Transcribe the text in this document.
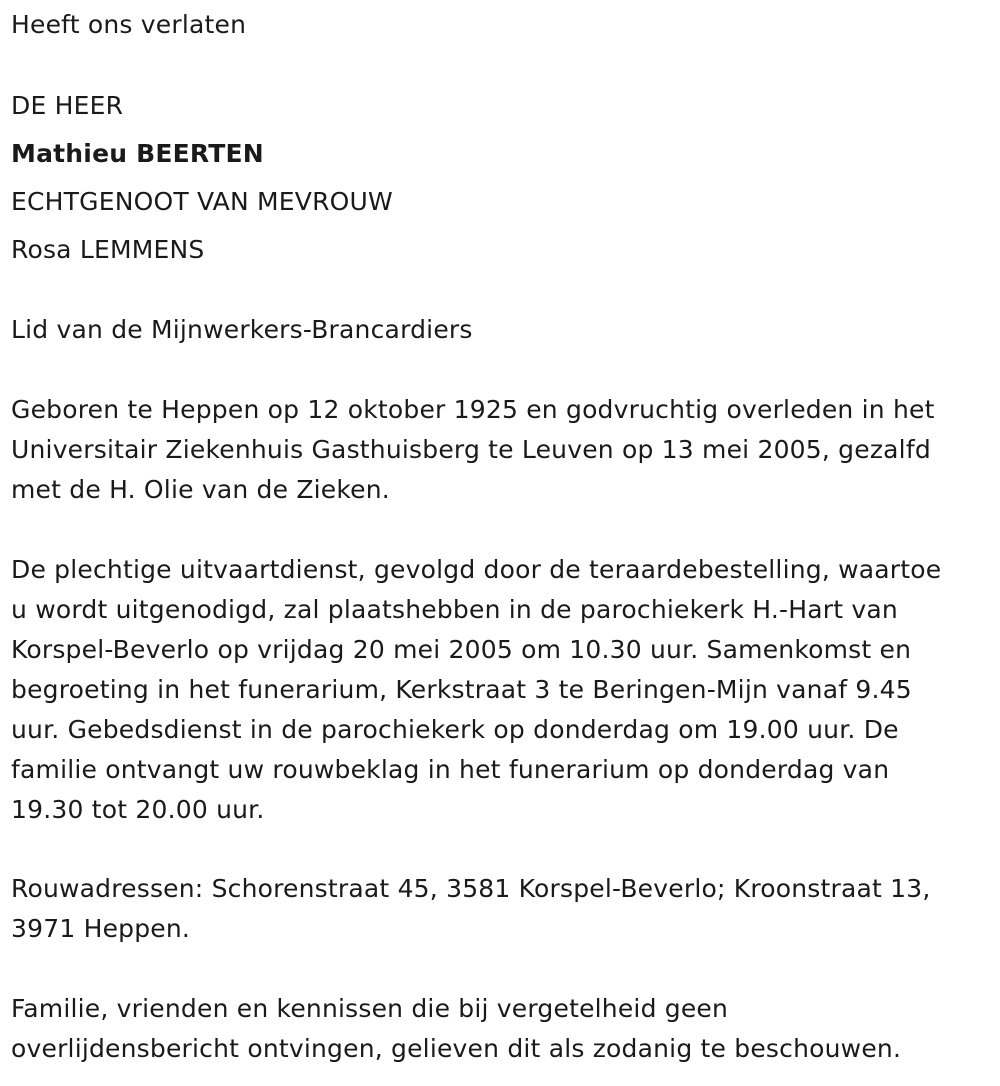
Heeft ons verlaten
DE HEER
Mathieu BEERTEN
ECHTGENOOT VAN MEVROUW
Rosa LEMMENS
Lid van de Mijnwerkers-Brancardiers
Geboren te Heppen op 12 oktober 1925 en godvruchtig overleden in het
Universitair Ziekenhuis Gasthuisberg te Leuven op 13 mei 2005, gezalfd
met de H. Olie van de Zieken.
De plechtige uitvaartdienst, gevolgd door de teraardebestelling, waartoe
u wordt uitgenodigd, zal plaatshebben in de parochiekerk H.-Hart van
Korspel-Beverlo op vrijdag 20 mei 2005 om 10.30 uur. Samenkomst en
begroeting in het funerarium, Kerkstraat 3 te Beringen-Mijn vanaf 9.45
uur. Gebedsdienst in de parochiekerk op donderdag om 19.00 uur. De
familie ontvangt uw rouwbeklag in het funerarium op donderdag van
19.30 tot 20.00 uur.
Rouwadressen: Schorenstraat 45, 3581 Korspel-Beverlo; Kroonstraat 13,
3971 Heppen.
Familie, vrienden en kennissen die bij vergetelheid geen
overlijdensbericht ontvingen, gelieven dit als zodanig te beschouwen.
